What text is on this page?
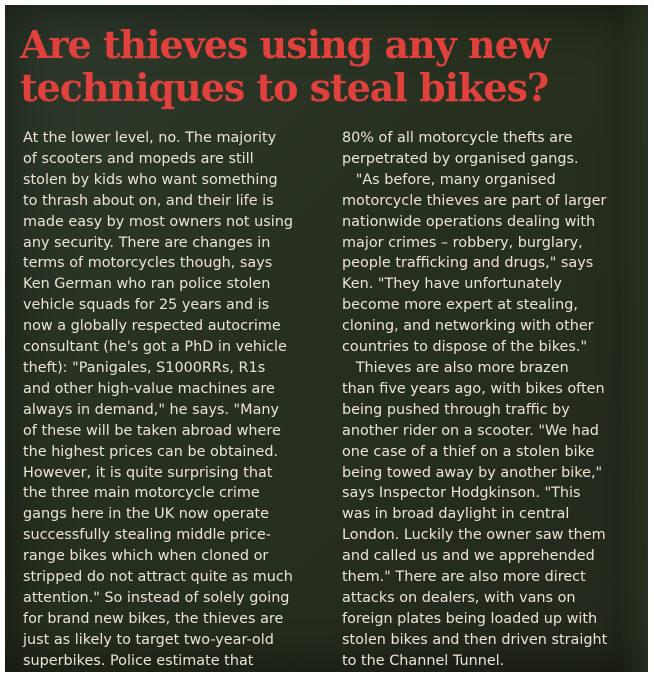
Are thieves using any new
techniques to steal bikes?
At the lower level, no. The majority
of scooters and mopeds are still
stolen by kids who want something
to thrash about on, and their life is
made easy by most owners not using
any security. There are changes in
terms of motorcycles though, says
Ken German who ran police stolen
vehicle squads for 25 years and is
now a globally respected autocrime
consultant (he's got a PhD in vehicle
theft): "Panigales, S1000RRs, R1s
and other high-value machines are
always in demand," he says. "Many
of these will be taken abroad where
the highest prices can be obtained.
However, it is quite surprising that
the three main motorcycle crime
gangs here in the UK now operate
successfully stealing middle price-
range bikes which when cloned or
stripped do not attract quite as much
attention." So instead of solely going
for brand new bikes, the thieves are
just as likely to target two-year-old
superbikes. Police estimate that
80% of all motorcycle thefts are
perpetrated by organised gangs.
"As before, many organised
motorcycle thieves are part of larger
nationwide operations dealing with
major crimes – robbery, burglary,
people trafficking and drugs," says
Ken. "They have unfortunately
become more expert at stealing,
cloning, and networking with other
countries to dispose of the bikes."
Thieves are also more brazen
than five years ago, with bikes often
being pushed through traffic by
another rider on a scooter. "We had
one case of a thief on a stolen bike
being towed away by another bike,"
says Inspector Hodgkinson. "This
was in broad daylight in central
London. Luckily the owner saw them
and called us and we apprehended
them." There are also more direct
attacks on dealers, with vans on
foreign plates being loaded up with
stolen bikes and then driven straight
to the Channel Tunnel.
